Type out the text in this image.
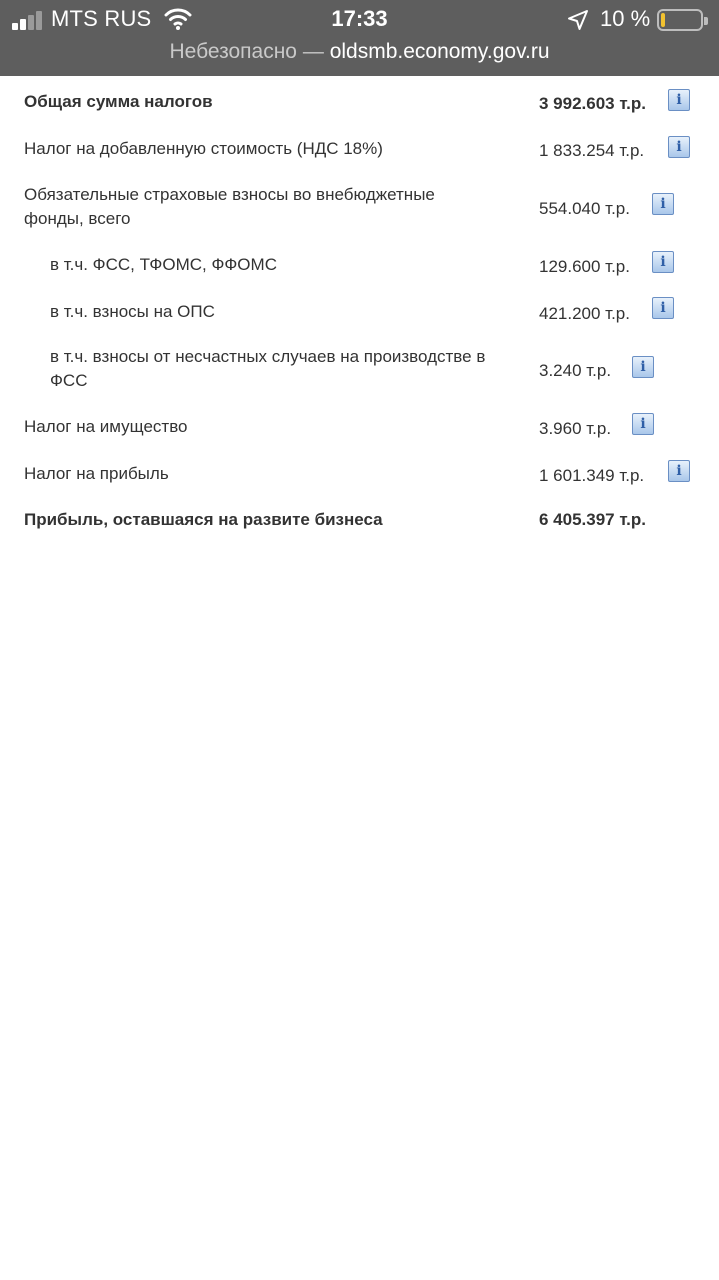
MTS RUS	17:33	10 %
Небезопасно — oldsmb.economy.gov.ru
Общая сумма налогов	3 992.603 т.р.
i
Налог на добавленную стоимость (НДС 18%)	1 833.254 т.р.
i
Обязательные страховые взносы во внебюджетные фонды, всего
554.040 т.р.
i
в т.ч. ФСС, ТФОМС, ФФОМС	129.600 т.р.
i
в т.ч. взносы на ОПС	421.200 т.р.
i
в т.ч. взносы от несчастных случаев на производстве в ФСС
3.240 т.р.
i
Налог на имущество	3.960 т.р.
i
Налог на прибыль	1 601.349 т.р.
i
Прибыль, оставшаяся на развите бизнеса	6 405.397 т.р.
